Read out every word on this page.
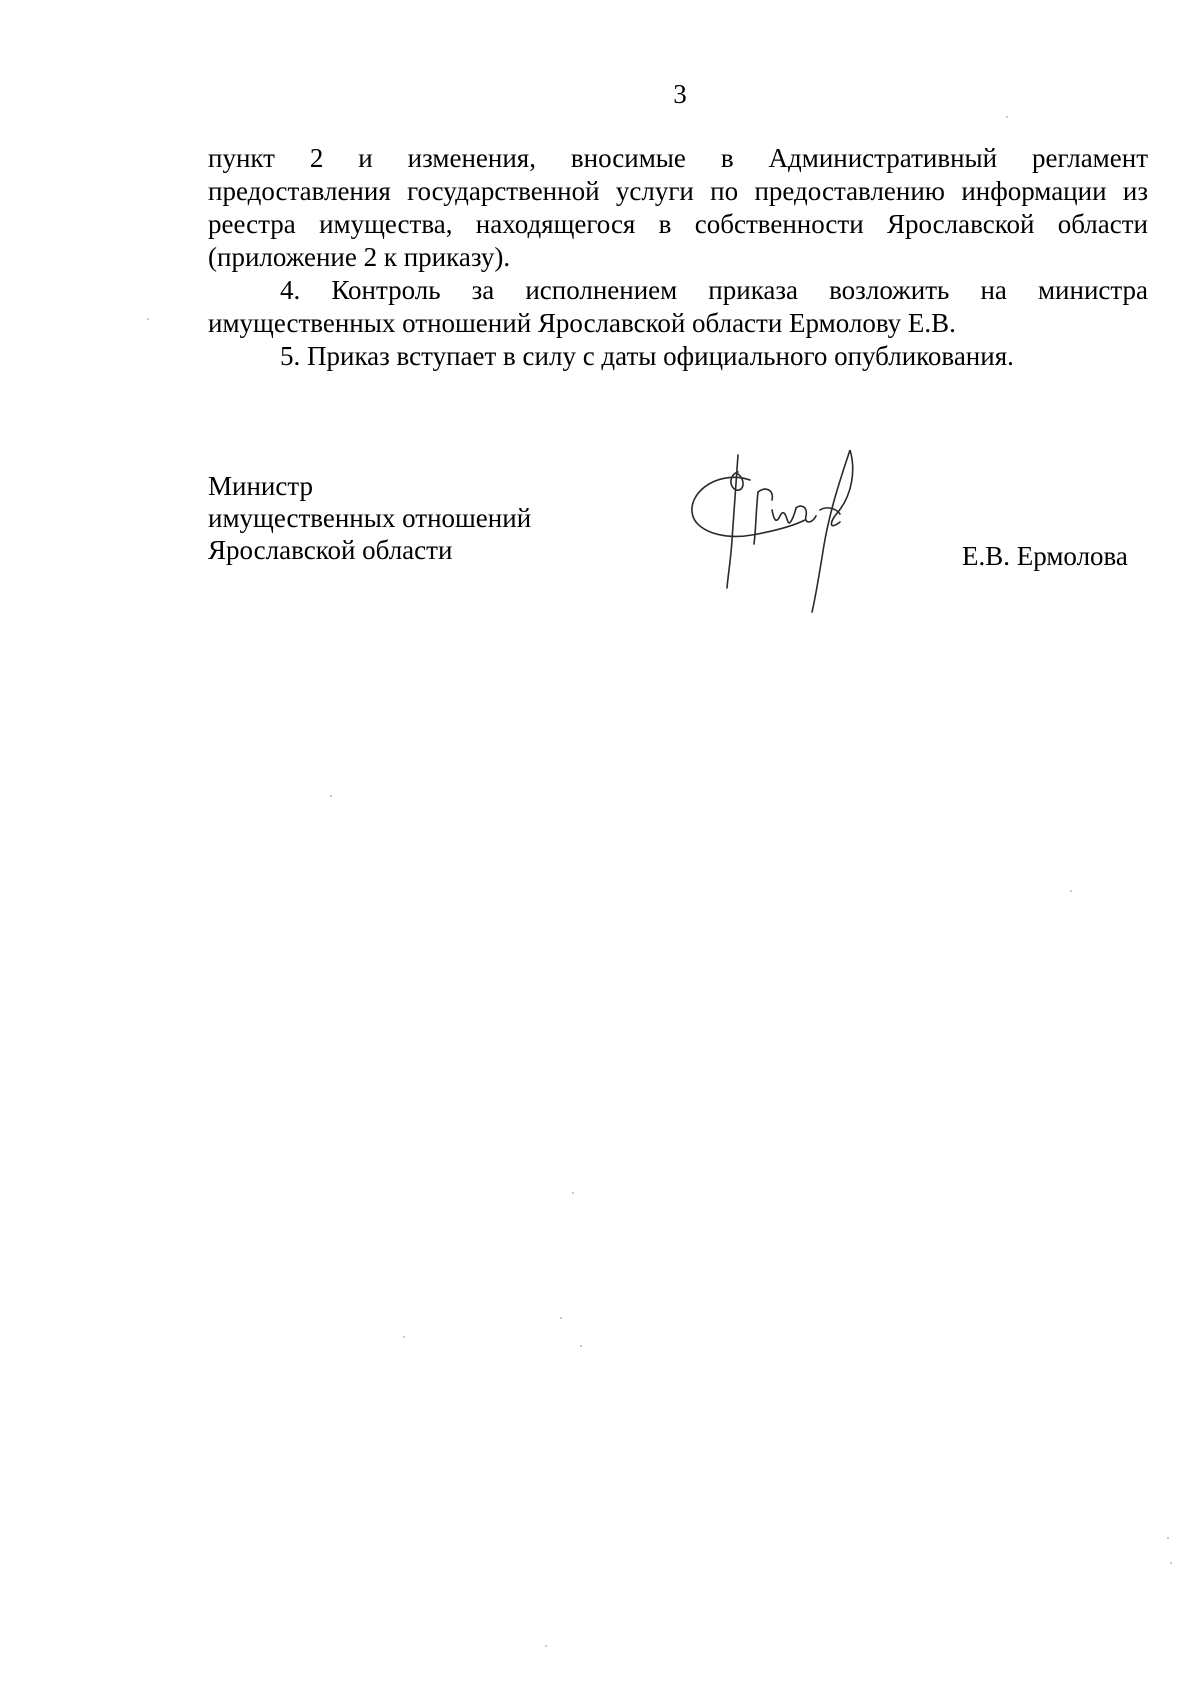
3
пункт 2 и изменения, вносимые в Административный регламент
предоставления государственной услуги по предоставлению информации из
реестра имущества, находящегося в собственности Ярославской области
(приложение 2 к приказу).
4. Контроль за исполнением приказа возложить на министра
имущественных отношений Ярославской области Ермолову Е.В.
5. Приказ вступает в силу с даты официального опубликования.
Министр
имущественных отношений
Ярославской области	Е.В. Ермолова
